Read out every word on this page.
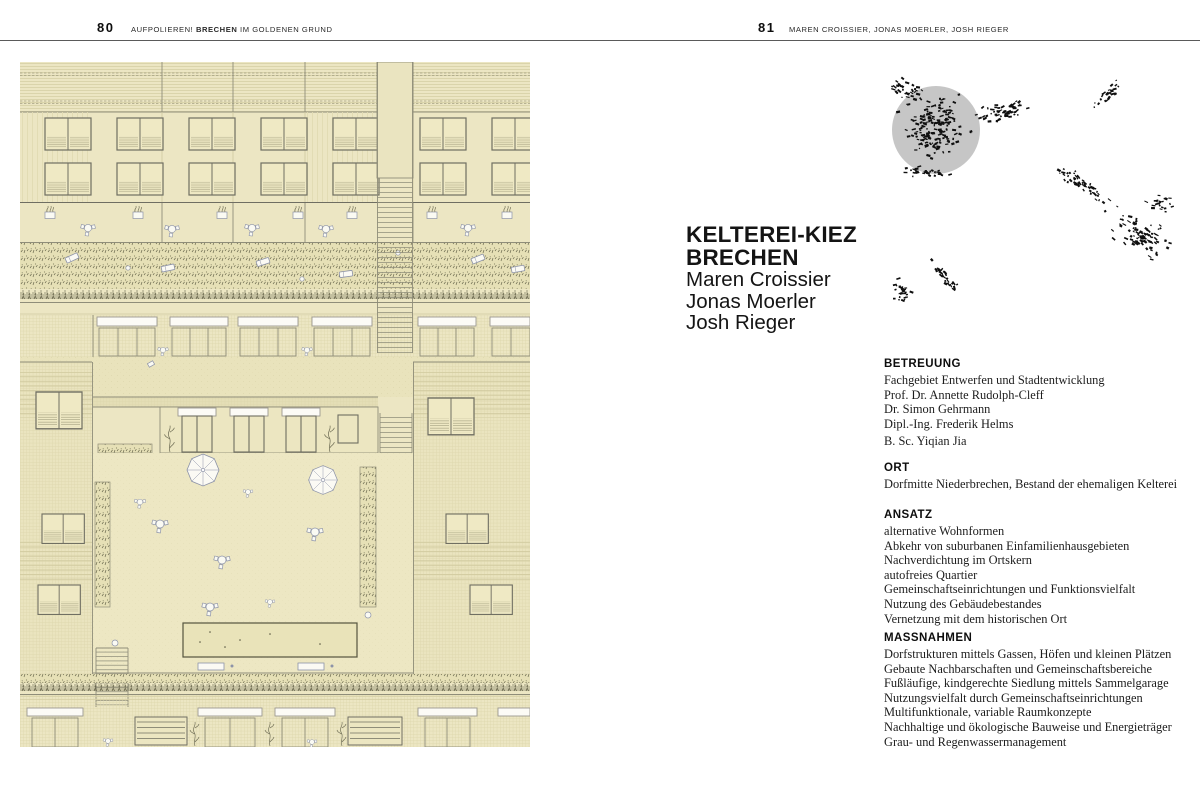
80 AUFPOLIEREN! BRECHEN IM GOLDENEN GRUND	81 MAREN CROISSIER, JONAS MOERLER, JOSH RIEGER
KELTEREI-KIEZ
BRECHEN
Maren Croissier
Jonas Moerler
Josh Rieger
BETREUUNG
Fachgebiet Entwerfen und Stadtentwicklung
Prof. Dr. Annette Rudolph-Cleff
Dr. Simon Gehrmann
Dipl.-Ing. Frederik Helms
B. Sc. Yiqian Jia
ORT
Dorfmitte Niederbrechen, Bestand der ehemaligen Kelterei
ANSATZ
alternative Wohnformen
Abkehr von suburbanen Einfamilienhausgebieten
Nachverdichtung im Ortskern
autofreies Quartier
Gemeinschaftseinrichtungen und Funktionsvielfalt
Nutzung des Gebäudebestandes
Vernetzung mit dem historischen Ort
MASSNAHMEN
Dorfstrukturen mittels Gassen, Höfen und kleinen Plätzen
Gebaute Nachbarschaften und Gemeinschaftsbereiche
Fußläufige, kindgerechte Siedlung mittels Sammelgarage
Nutzungsvielfalt durch Gemeinschaftseinrichtungen
Multifunktionale, variable Raumkonzepte
Nachhaltige und ökologische Bauweise und Energieträger
Grau- und Regenwassermanagement
